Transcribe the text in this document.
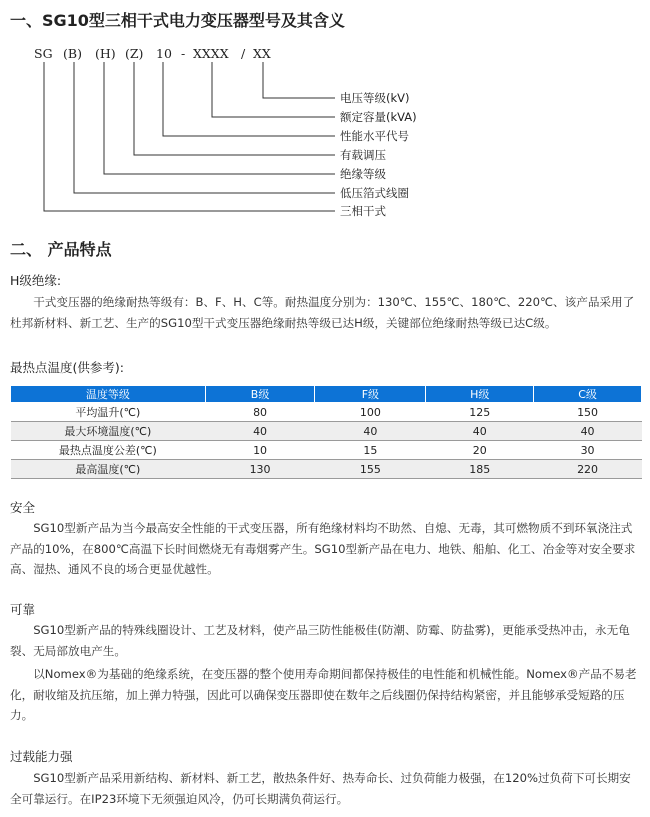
一、SG10型三相干式电力变压器型号及其含义
SG (B) (H) (Z) 10 - XXXX / XX
电压等级(kV)
额定容量(kVA)
性能水平代号
有载调压
绝缘等级
低压箔式线圈
三相干式
二、 产品特点
H级绝缘:

干式变压器的绝缘耐热等级有：B、F、H、C等。耐热温度分别为：130℃、155℃、180℃、220℃、该产品采用了杜邦新材料、新工艺、生产的SG10型干式变压器绝缘耐热等级已达H级，关键部位绝缘耐热等级已达C级。

最热点温度(供参考):
温度等级	B级	F级	H级	C级
平均温升(℃)	80	100	125	150
最大环境温度(℃)	40	40	40	40
最热点温度公差(℃)	10	15	20	30
最高温度(℃)	130	155	185	220
安全

SG10型新产品为当今最高安全性能的干式变压器，所有绝缘材料均不助然、自熄、无毒，其可燃物质不到环氧浇注式产品的10%，在800℃高温下长时间燃烧无有毒烟雾产生。SG10型新产品在电力、地铁、船舶、化工、冶金等对安全要求高、湿热、通风不良的场合更显优越性。

可靠

SG10型新产品的特殊线圈设计、工艺及材料，使产品三防性能极佳(防潮、防霉、防盐雾)，更能承受热冲击，永无龟裂、无局部放电产生。

以Nomex®为基础的绝缘系统，在变压器的整个使用寿命期间都保持极佳的电性能和机械性能。Nomex®产品不易老化，耐收缩及抗压缩，加上弹力特强，因此可以确保变压器即使在数年之后线圈仍保持结构紧密，并且能够承受短路的压力。

过载能力强

SG10型新产品采用新结构、新材料、新工艺，散热条件好、热寿命长、过负荷能力极强，在120%过负荷下可长期安全可靠运行。在IP23环境下无须强迫风冷，仍可长期满负荷运行。
